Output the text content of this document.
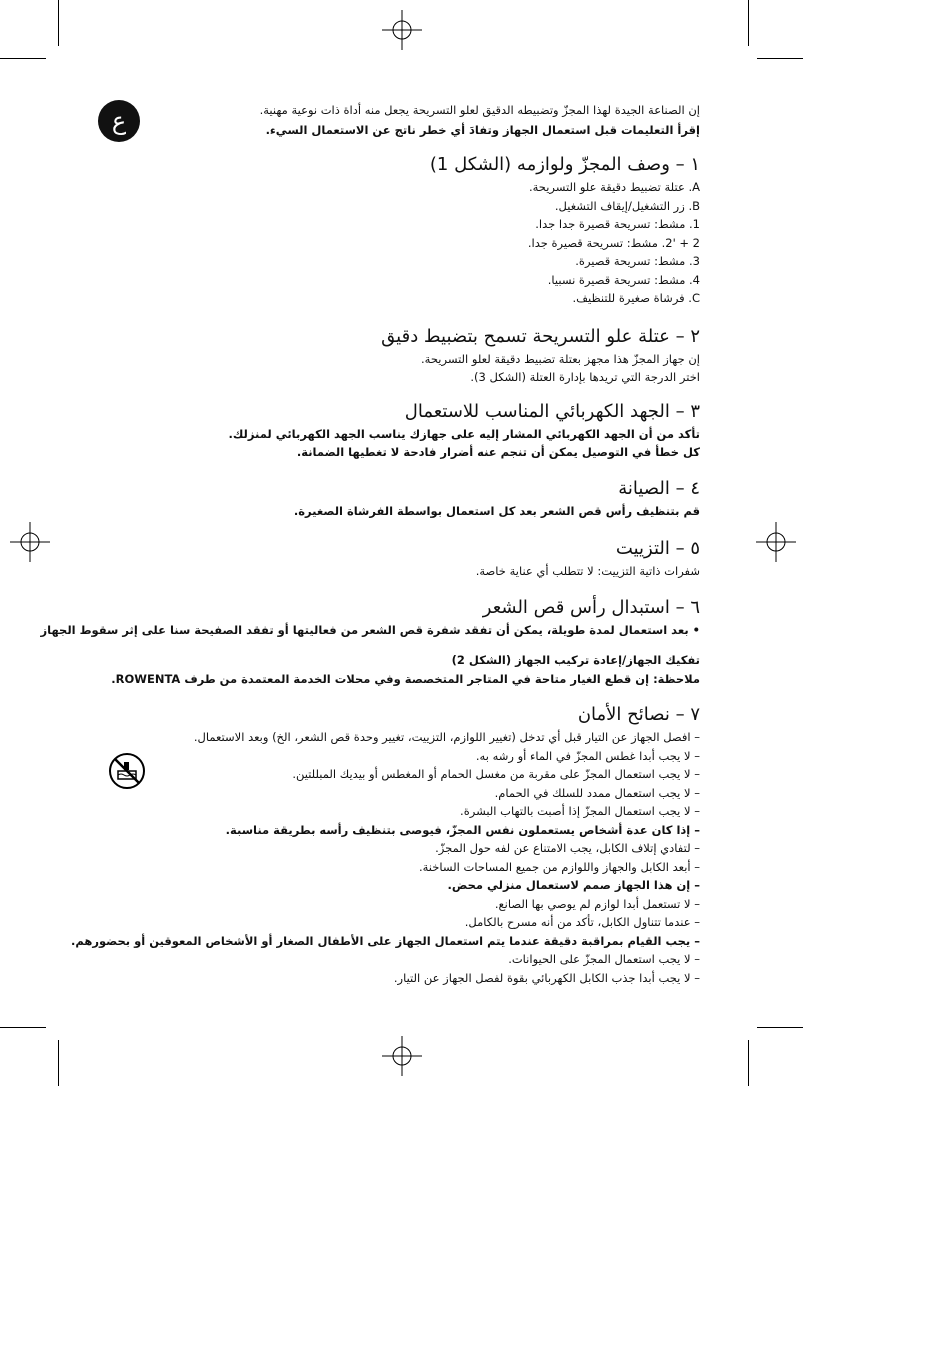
ع	إن الصناعة الجيدة لهذا المجزّ وتضبيطه الدقيق لعلو التسريحة يجعل منه أداة ذات نوعية مهنية.

إقرأ التعليمات قبل استعمال الجهاز وتفادَ أي خطر ناتج عن الاستعمال السيء.

١ – وصف المجزّ ولوازمه (الشكل 1)
A. عتلة تضبيط دقيقة علو التسريحة.
B. زر التشغيل/إيقاف التشغيل.
1. مشط: تسريحة قصيرة جدا جدا.
2 + '2. مشط: تسريحة قصيرة جدا.
3. مشط: تسريحة قصيرة.
4. مشط: تسريحة قصيرة نسبيا.
C. فرشاة صغيرة للتنظيف.
٢ – عتلة علو التسريحة تسمح بتضبيط دقيق

إن جهاز المجزّ هذا مجهز بعتلة تضبيط دقيقة لعلو التسريحة.

اختر الدرجة التي تريدها بإدارة العتلة (الشكل 3).

٣ – الجهد الكهربائي المناسب للاستعمال

تأكد من أن الجهد الكهربائي المشار إليه على جهازك يناسب الجهد الكهربائي لمنزلك.

كل خطأ في التوصيل يمكن أن تنجم عنه أضرار فادحة لا تغطيها الضمانة.

٤ – الصيانة

قم بتنظيف رأس قص الشعر بعد كل استعمال بواسطة الفرشاة الصغيرة.

٥ – التزييت

شفرات ذاتية التزييت: لا تتطلب أي عناية خاصة.

٦ – استبدال رأس قص الشعر

• بعد استعمال لمدة طويلة، يمكن أن تفقد شفرة قص الشعر من فعاليتها أو تفقد الصفيحة سنا على إثر سقوط الجهاز

تفكيك الجهاز/إعادة تركيب الجهاز (الشكل 2)

ملاحظة: إن قطع الغيار متاحة في المتاجر المتخصصة وفي محلات الخدمة المعتمدة من طرف ROWENTA.

٧ – نصائح الأمان
– افصل الجهاز عن التيار قبل أي تدخل (تغيير اللوازم، التزييت، تغيير وحدة قص الشعر، الخ) وبعد الاستعمال.
– لا يجب أبدا غطس المجزّ في الماء أو رشه به.
– لا يجب استعمال المجزّ على مقربة من مغسل الحمام أو المغطس أو بيديك المبللتين.
– لا يجب استعمال ممدد للسلك في الحمام.
– لا يجب استعمال المجزّ إذا أصبت بالتهاب البشرة.
– إذا كان عدة أشخاص يستعملون نفس المجزّ، فيوصى بتنظيف رأسه بطريقة مناسبة.
– لتفادي إتلاف الكابل، يجب الامتناع عن لفه حول المجزّ.
– أبعد الكابل والجهاز واللوازم من جميع المساحات الساخنة.
– إن هذا الجهاز صمم لاستعمال منزلي محض.
– لا تستعمل أبدا لوازم لم يوصي بها الصانع.
– عندما تتناول الكابل، تأكد من أنه مسرح بالكامل.
– يجب القيام بمراقبة دقيقة عندما يتم استعمال الجهاز على الأطفال الصغار أو الأشخاص المعوقين أو بحضورهم.
– لا يجب استعمال المجزّ على الحيوانات.
– لا يجب أبدا جذب الكابل الكهربائي بقوة لفصل الجهاز عن التيار.
